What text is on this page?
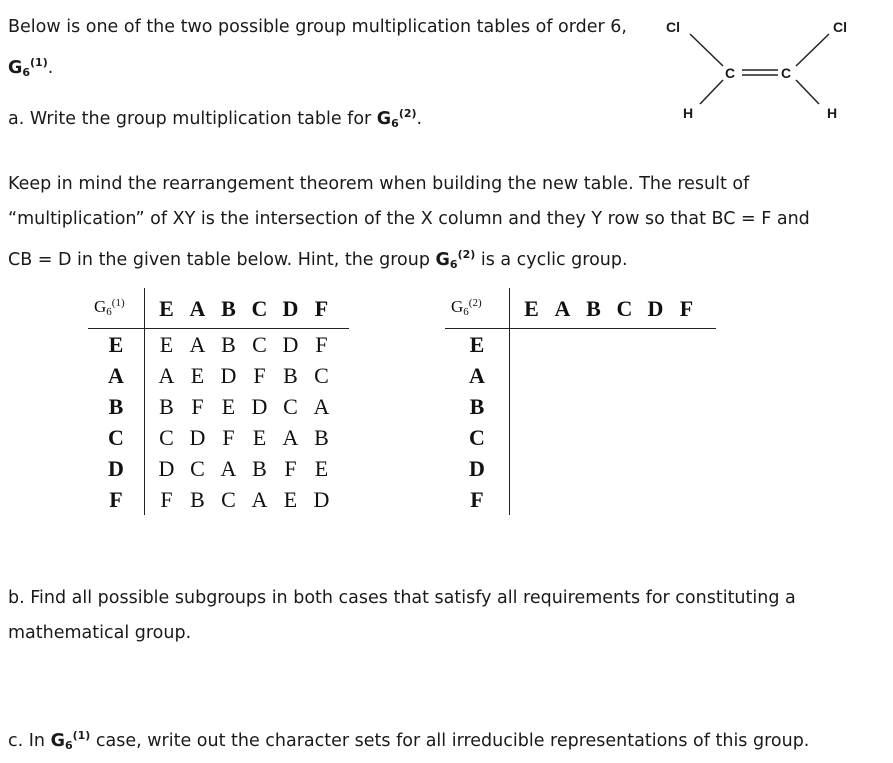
Below is one of the two possible group multiplication tables of order 6,
$G_6^{(1)}$.

a. Write the group multiplication table for $G_6^{(2)}$.

Keep in mind the rearrangement theorem when building the new table. The result of
“multiplication” of XY is the intersection of the X column and they Y row so that BC = F and
CB = D in the given table below. Hint, the group $G_6^{(2)}$ is a cyclic group.

Cl	Cl
C	C
H	H
$G_6^{(1)}$	E	A	B	C	D	F	
E	E	A	B	C	D	F	
A	A	E	D	F	B	C	
B	B	F	E	D	C	A	
C	C	D	F	E	A	B	
D	D	C	A	B	F	E	
F	F	B	C	A	E	D	
$G_6^{(2)}$	E	A	B	C	D	F	
E							
A							
B							
C							
D							
F							

b. Find all possible subgroups in both cases that satisfy all requirements for constituting a mathematical group.

c. In $G_6^{(1)}$ case, write out the character sets for all irreducible representations of this group.
